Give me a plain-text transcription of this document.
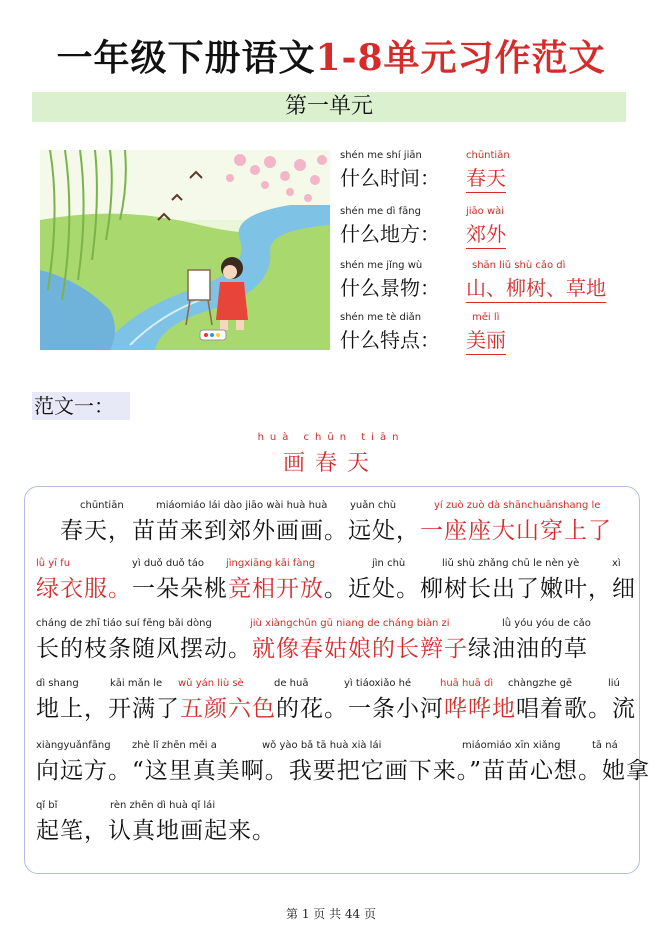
一年级下册语文1-8单元习作范文
第一单元
shén me shí jiān	chūntiān
什么时间： 春天
shén me dì fāng	jiāo wài
什么地方： 郊外
shén me jǐng wù	shān liǔ shù cǎo dì
什么景物： 山、柳树、草地
shén me tè diǎn	měi lì
什么特点： 美丽
范文一：
huà chūn tiān
画春天
chūntiān	miáomiáo lái dào jiāo wài huà huà yuǎn chù	yí zuò zuò dà shānchuānshang le
　春天，苗苗来到郊外画画。远处，一座座大山穿上了
lǜ yī fu	yì duǒ duǒ táo jìngxiāng kāi fàng	jìn chù	liǔ shù zhǎng chū le nèn yè	xì
绿衣服。一朵朵桃竞相开放。近处。柳树长出了嫩叶，细
cháng de zhī tiáo suí fēng bǎi dòng	jiù xiàngchūn gū niang de cháng biàn zi	lǜ yóu yóu de cǎo
长的枝条随风摆动。就像春姑娘的长辫子绿油油的草
dì shang	kāi mǎn le wǔ yán liù sè	de huā	yì tiáoxiǎo hé	huā huā dì chàngzhe gē	liú
地上，开满了五颜六色的花。一条小河哗哗地唱着歌。流
xiàngyuǎnfāng zhè lǐ zhēn měi a	wǒ yào bǎ tā huà xià lái	miáomiáo xīn xiǎng	tā ná
向远方。“这里真美啊。我要把它画下来。”苗苗心想。她拿
qǐ bǐ	rèn zhēn dì huà qǐ lái
起笔，认真地画起来。
第 1 页 共 44 页
